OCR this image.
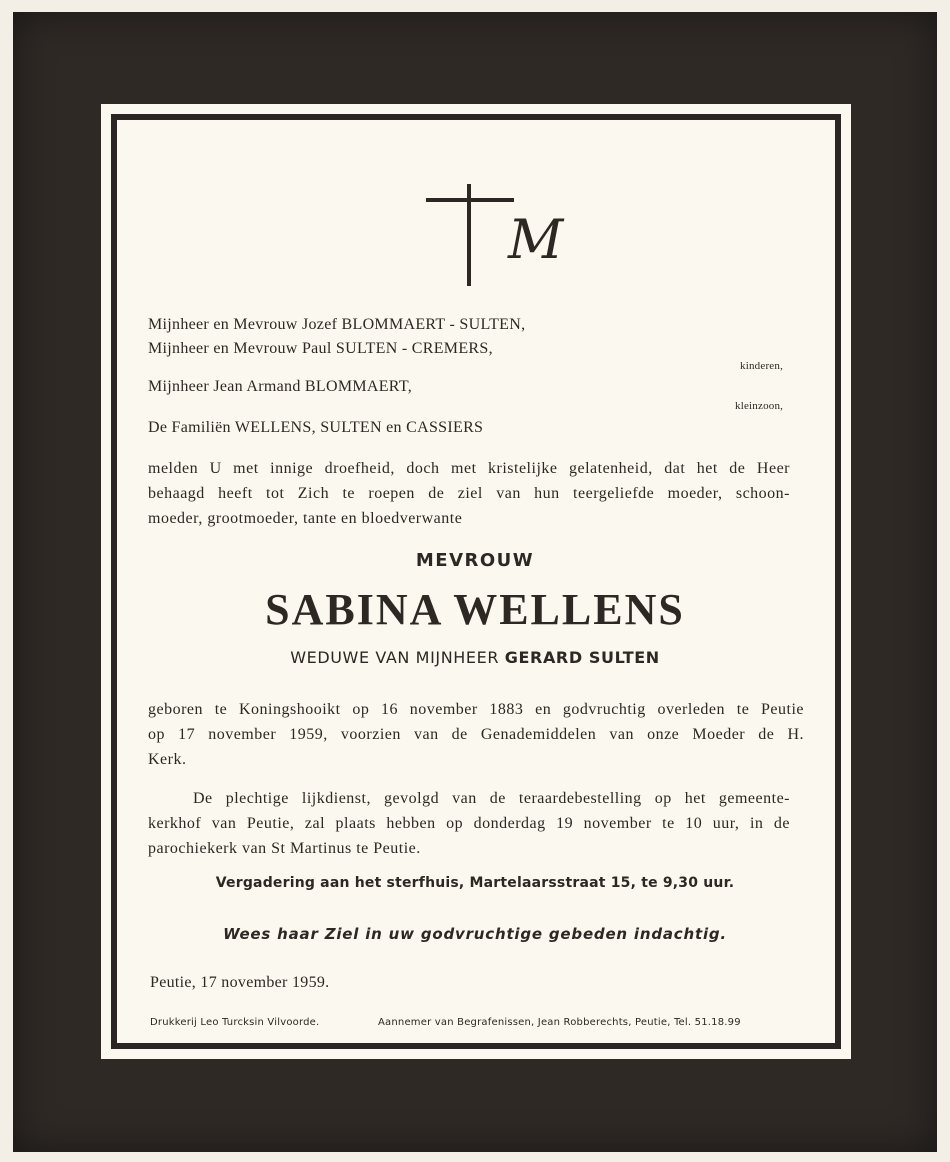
M
Mijnheer en Mevrouw Jozef BLOMMAERT - SULTEN,
Mijnheer en Mevrouw Paul SULTEN - CREMERS,
kinderen,
Mijnheer Jean Armand BLOMMAERT,
kleinzoon,
De Familiën WELLENS, SULTEN en CASSIERS
melden U met innige droefheid, doch met kristelijke gelatenheid, dat het de Heer
behaagd heeft tot Zich te roepen de ziel van hun teergeliefde moeder, schoon-
moeder, grootmoeder, tante en bloedverwante
MEVROUW
SABINA WELLENS
WEDUWE VAN MIJNHEER GERARD SULTEN
geboren te Koningshooikt op 16 november 1883 en godvruchtig overleden te Peutie
op 17 november 1959, voorzien van de Genademiddelen van onze Moeder de H.
Kerk.
De plechtige lijkdienst, gevolgd van de teraardebestelling op het gemeente-
kerkhof van Peutie, zal plaats hebben op donderdag 19 november te 10 uur, in de
parochiekerk van St Martinus te Peutie.
Vergadering aan het sterfhuis, Martelaarsstraat 15, te 9,30 uur.
Wees haar Ziel in uw godvruchtige gebeden indachtig.
Peutie, 17 november 1959.
Drukkerij Leo Turcksin Vilvoorde.	Aannemer van Begrafenissen, Jean Robberechts, Peutie, Tel. 51.18.99
